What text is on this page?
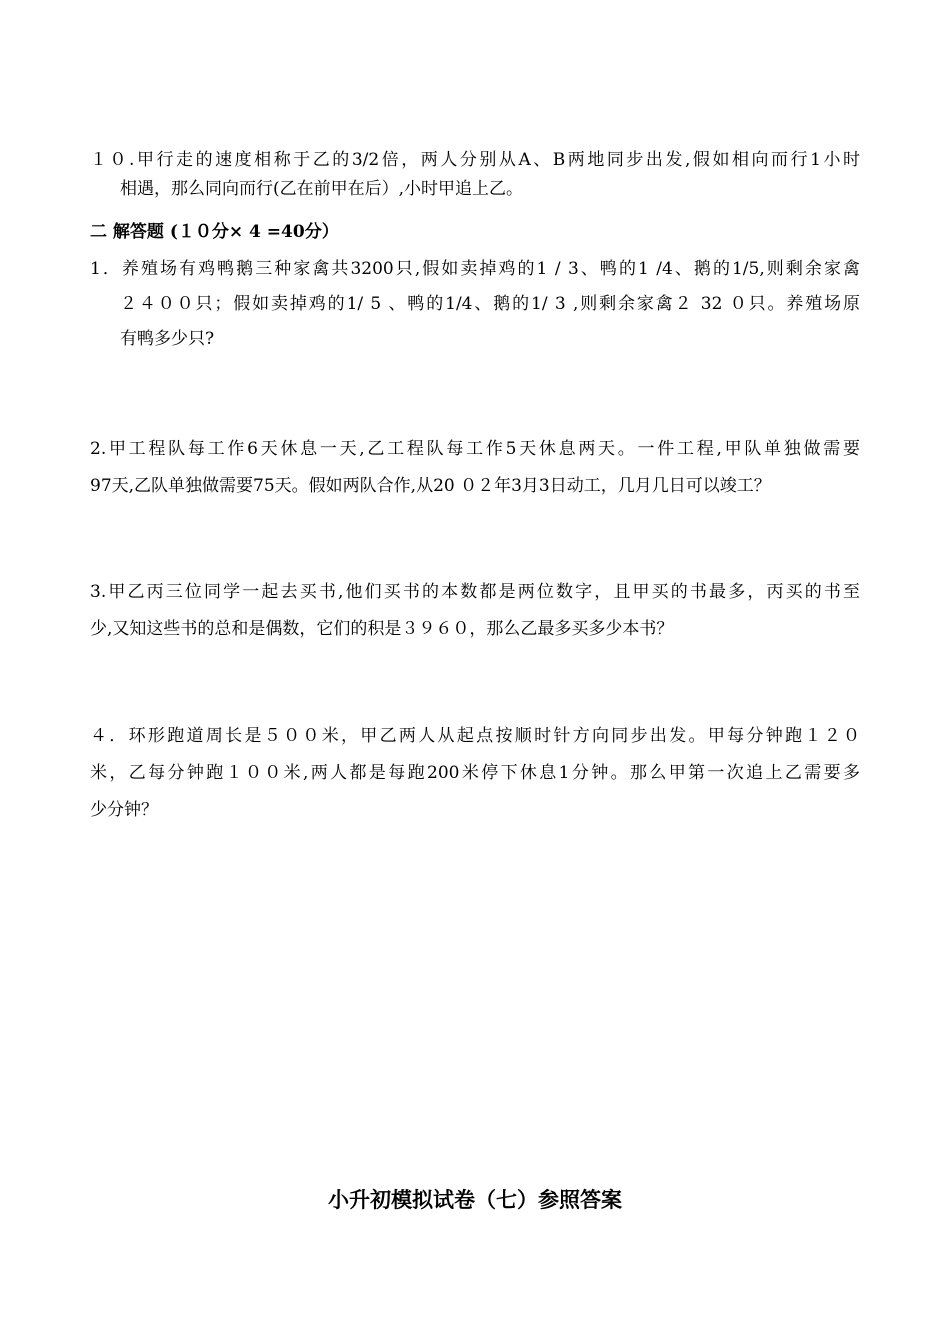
１０.甲行走的速度相称于乙的3/2倍，两人分别从A、B两地同步出发,假如相向而行1小时
相遇，那么同向而行(乙在前甲在后）,小时甲追上乙。
二 解答题 (１０分× 4 =40分）
1．养殖场有鸡鸭鹅三种家禽共3200只,假如卖掉鸡的1 / 3、鸭的1 /4、鹅的1/5,则剩余家禽
２４００只；假如卖掉鸡的1/ 5 、鸭的1/4、鹅的1/ 3 ,则剩余家禽２ 32 ０只。养殖场原
有鸭多少只?
2.甲工程队每工作6天休息一天,乙工程队每工作5天休息两天。一件工程,甲队单独做需要
97天,乙队单独做需要75天。假如两队合作,从20 ０２年3月3日动工，几月几日可以竣工？
3.甲乙丙三位同学一起去买书,他们买书的本数都是两位数字，且甲买的书最多，丙买的书至
少,又知这些书的总和是偶数，它们的积是３９６０，那么乙最多买多少本书？
４．环形跑道周长是５００米，甲乙两人从起点按顺时针方向同步出发。甲每分钟跑１２０
米，乙每分钟跑１００米,两人都是每跑200米停下休息1分钟。那么甲第一次追上乙需要多
少分钟？
小升初模拟试卷（七）参照答案
